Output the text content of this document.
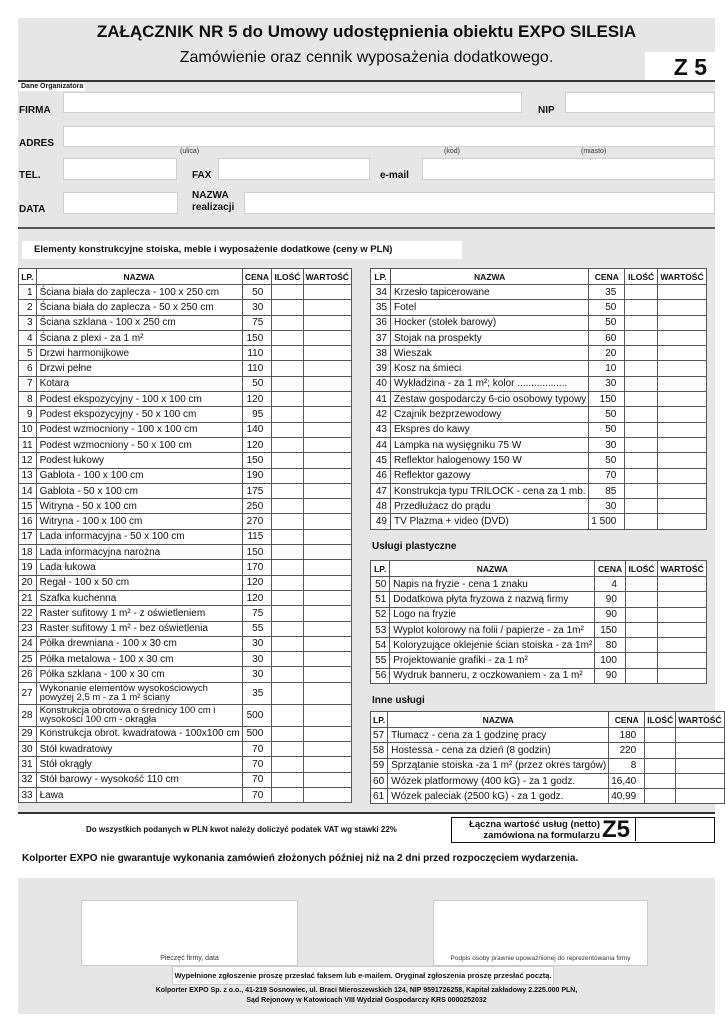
ZAŁĄCZNIK NR 5 do Umowy udostępnienia obiektu EXPO SILESIA
Zamówienie oraz cennik wyposażenia dodatkowego.	Z 5
Dane Organizatora
FIRMA	NIP
ADRES
(ulica)	(kod)	(miasto)
TEL.	FAX	e-mail
DATA
NAZWA
realizacji
Elementy konstrukcyjne stoiska, meble i wyposażenie dodatkowe (ceny w PLN)
LP.	NAZWA	CENA	ILOŚĆ	WARTOŚĆ
1	Ściana biała do zaplecza - 100 x 250 cm	50		
2	Ściana biała do zaplecza - 50 x 250 cm	30		
3	Ściana szklana - 100 x 250 cm	75		
4	Ściana z plexi - za 1 m²	150		
5	Drzwi harmonijkowe	110		
6	Drzwi pełne	110		
7	Kotara	50		
8	Podest ekspozycyjny - 100 x 100 cm	120		
9	Podest ekspozycyjny - 50 x 100 cm	95		
10	Podest wzmocniony - 100 x 100 cm	140		
11	Podest wzmocniony - 50 x 100 cm	120		
12	Podest łukowy	150		
13	Gablota - 100 x 100 cm	190		
14	Gablota - 50 x 100 cm	175		
15	Witryna - 50 x 100 cm	250		
16	Witryna - 100 x 100 cm	270		
17	Lada informacyjna - 50 x 100 cm	115		
18	Lada informacyjna narożna	150		
19	Lada łukowa	170		
20	Regał - 100 x 50 cm	120		
21	Szafka kuchenna	120		
22	Raster sufitowy 1 m² - z oświetleniem	75		
23	Raster sufitowy 1 m² - bez oświetlenia	55		
24	Półka drewniana - 100 x 30 cm	30		
25	Półka metalowa - 100 x 30 cm	30		
26	Półka szklana - 100 x 30 cm	30		
27	Wykonanie elementów wysokościowych powyżej 2,5 m - za 1 m² ściany	35		
28	Konstrukcja obrotowa o średnicy 100 cm i wysokości 100 cm - okrągła	500		
29	Konstrukcja obrot. kwadratowa - 100x100 cm	500		
30	Stół kwadratowy	70		
31	Stół okrągły	70		
32	Stół barowy - wysokość 110 cm	70		
33	Ława	70		
LP.	NAZWA	CENA	ILOŚĆ	WARTOŚĆ
34	Krzesło tapicerowane	35		
35	Fotel	50		
36	Hocker (stołek barowy)	50		
37	Stojak na prospekty	60		
38	Wieszak	20		
39	Kosz na śmieci	10		
40	Wykładzina - za 1 m²; kolor ..................	30		
41	Zestaw gospodarczy 6-cio osobowy typowy	150		
42	Czajnik bezprzewodowy	50		
43	Ekspres do kawy	50		
44	Lampka na wysięgniku 75 W	30		
45	Reflektor halogenowy 150 W	50		
46	Reflektor gazowy	70		
47	Konstrukcja typu TRILOCK - cena za 1 mb.	85		
48	Przedłużacz do prądu	30		
49	TV Plazma + video (DVD)	1 500		
Usługi plastyczne
LP.	NAZWA	CENA	ILOŚĆ	WARTOŚĆ
50	Napis na fryzie - cena 1 znaku	4		
51	Dodatkowa płyta fryzowa z nazwą firmy	90		
52	Logo na fryzie	90		
53	Wyplot kolorowy na folii / papierze - za 1m²	150		
54	Koloryzujące oklejenie ścian stoiska - za 1m²	80		
55	Projektowanie grafiki - za 1 m²	100		
56	Wydruk banneru, z oczkowaniem - za 1 m²	90		
Inne usługi
LP.	NAZWA	CENA	ILOŚĆ	WARTOŚĆ
57	Tłumacz - cena za 1 godzinę pracy	180		
58	Hostessa - cena za dzień (8 godzin)	220		
59	Sprzątanie stoiska -za 1 m² (przez okres targów)	8		
60	Wózek platformowy (400 kG) - za 1 godz.	16,40		
61	Wózek paleciak (2500 kG) - za 1 godz.	40,99		
Do wszystkich podanych w PLN kwot należy doliczyć podatek VAT wg stawki 22%	Łączna wartość usług (netto)
zamówiona na formularzu Z5
Kolporter EXPO nie gwarantuje wykonania zamówień złożonych później niż na 2 dni przed rozpoczęciem wydarzenia.
Pieczęć firmy, data	Podpis osoby prawnie upoważnionej do reprezentowania firmy
Wypełnione zgłoszenie proszę przesłać faksem lub e-mailem. Oryginał zgłoszenia proszę przesłać pocztą.
Kolporter EXPO Sp. z o.o., 41-219 Sosnowiec, ul. Braci Mieroszewskich 124, NIP 9591726258, Kapitał zakładowy 2.225.000 PLN,
Sąd Rejonowy w Katowicach VIII Wydział Gospodarczy KRS 0000252032
